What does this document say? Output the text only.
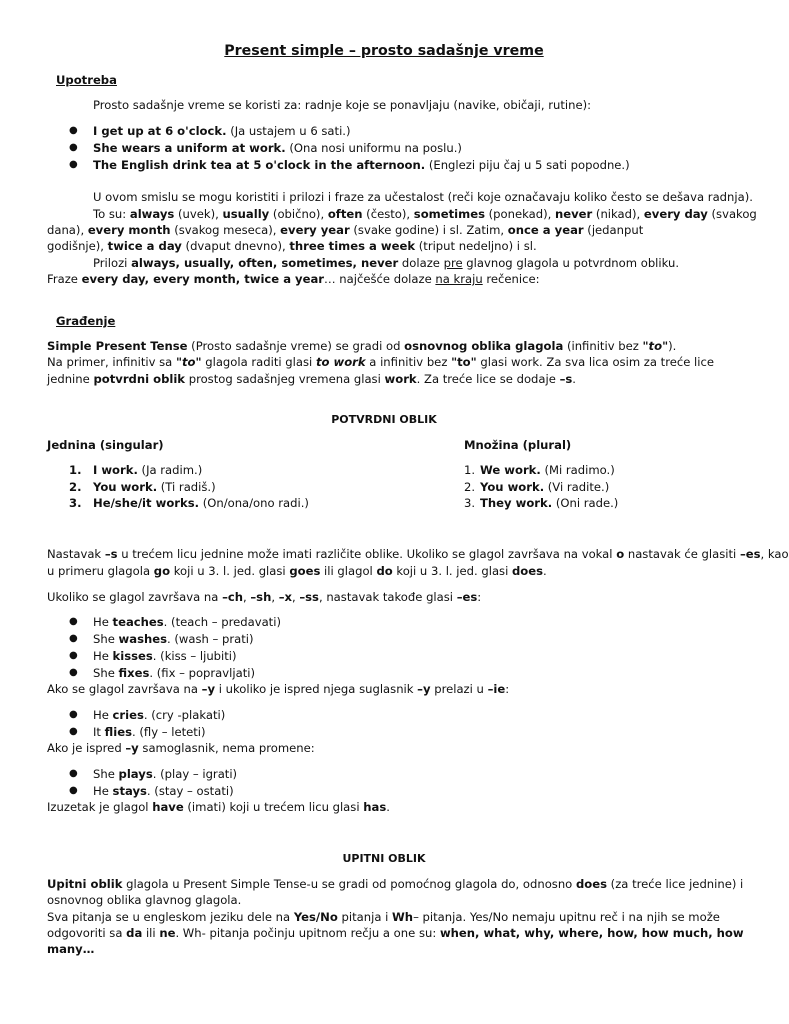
Present simple – prosto sadašnje vreme
Upotreba
Prosto sadašnje vreme se koristi za: radnje koje se ponavljaju (navike, običaji, rutine):
● I get up at 6 o'clock. (Ja ustajem u 6 sati.)
● She wears a uniform at work. (Ona nosi uniformu na poslu.)
● The English drink tea at 5 o'clock in the afternoon. (Englezi piju čaj u 5 sati popodne.)
U ovom smislu se mogu koristiti i prilozi i fraze za učestalost (reči koje označavaju koliko često se dešava radnja).
To su: always (uvek), usually (obično), often (često), sometimes (ponekad), never (nikad), every day (svakog
dana), every month (svakog meseca), every year (svake godine) i sl. Zatim, once a year (jedanput
godišnje), twice a day (dvaput dnevno), three times a week (triput nedeljno) i sl.
Prilozi always, usually, often, sometimes, never dolaze pre glavnog glagola u potvrdnom obliku.
Fraze every day, every month, twice a year… najčešće dolaze na kraju rečenice:
Građenje
Simple Present Tense (Prosto sadašnje vreme) se gradi od osnovnog oblika glagola (infinitiv bez "to").
Na primer, infinitiv sa "to" glagola raditi glasi to work a infinitiv bez "to" glasi work. Za sva lica osim za treće lice
jednine potvrdni oblik prostog sadašnjeg vremena glasi work. Za treće lice se dodaje –s.
POTVRDNI OBLIK
Jednina (singular)	Množina (plural)
1. I work. (Ja radim.)
2. You work. (Ti radiš.)
3. He/she/it works. (On/ona/ono radi.)
1. We work. (Mi radimo.)
2. You work. (Vi radite.)
3. They work. (Oni rade.)
Nastavak –s u trećem licu jednine može imati različite oblike. Ukoliko se glagol završava na vokal o nastavak će glasiti –es, kao
u primeru glagola go koji u 3. l. jed. glasi goes ili glagol do koji u 3. l. jed. glasi does.
Ukoliko se glagol završava na –ch, –sh, –x, –ss, nastavak takođe glasi –es:
● He teaches. (teach – predavati)
● She washes. (wash – prati)
● He kisses. (kiss – ljubiti)
● She fixes. (fix – popravljati)
Ako se glagol završava na –y i ukoliko je ispred njega suglasnik –y prelazi u –ie:
● He cries. (cry -plakati)
● It flies. (fly – leteti)
Ako je ispred –y samoglasnik, nema promene:
● She plays. (play – igrati)
● He stays. (stay – ostati)
Izuzetak je glagol have (imati) koji u trećem licu glasi has.
UPITNI OBLIK
Upitni oblik glagola u Present Simple Tense-u se gradi od pomoćnog glagola do, odnosno does (za treće lice jednine) i
osnovnog oblika glavnog glagola.
Sva pitanja se u engleskom jeziku dele na Yes/No pitanja i Wh– pitanja. Yes/No nemaju upitnu reč i na njih se može
odgovoriti sa da ili ne. Wh- pitanja počinju upitnom rečju a one su: when, what, why, where, how, how much, how
many…
